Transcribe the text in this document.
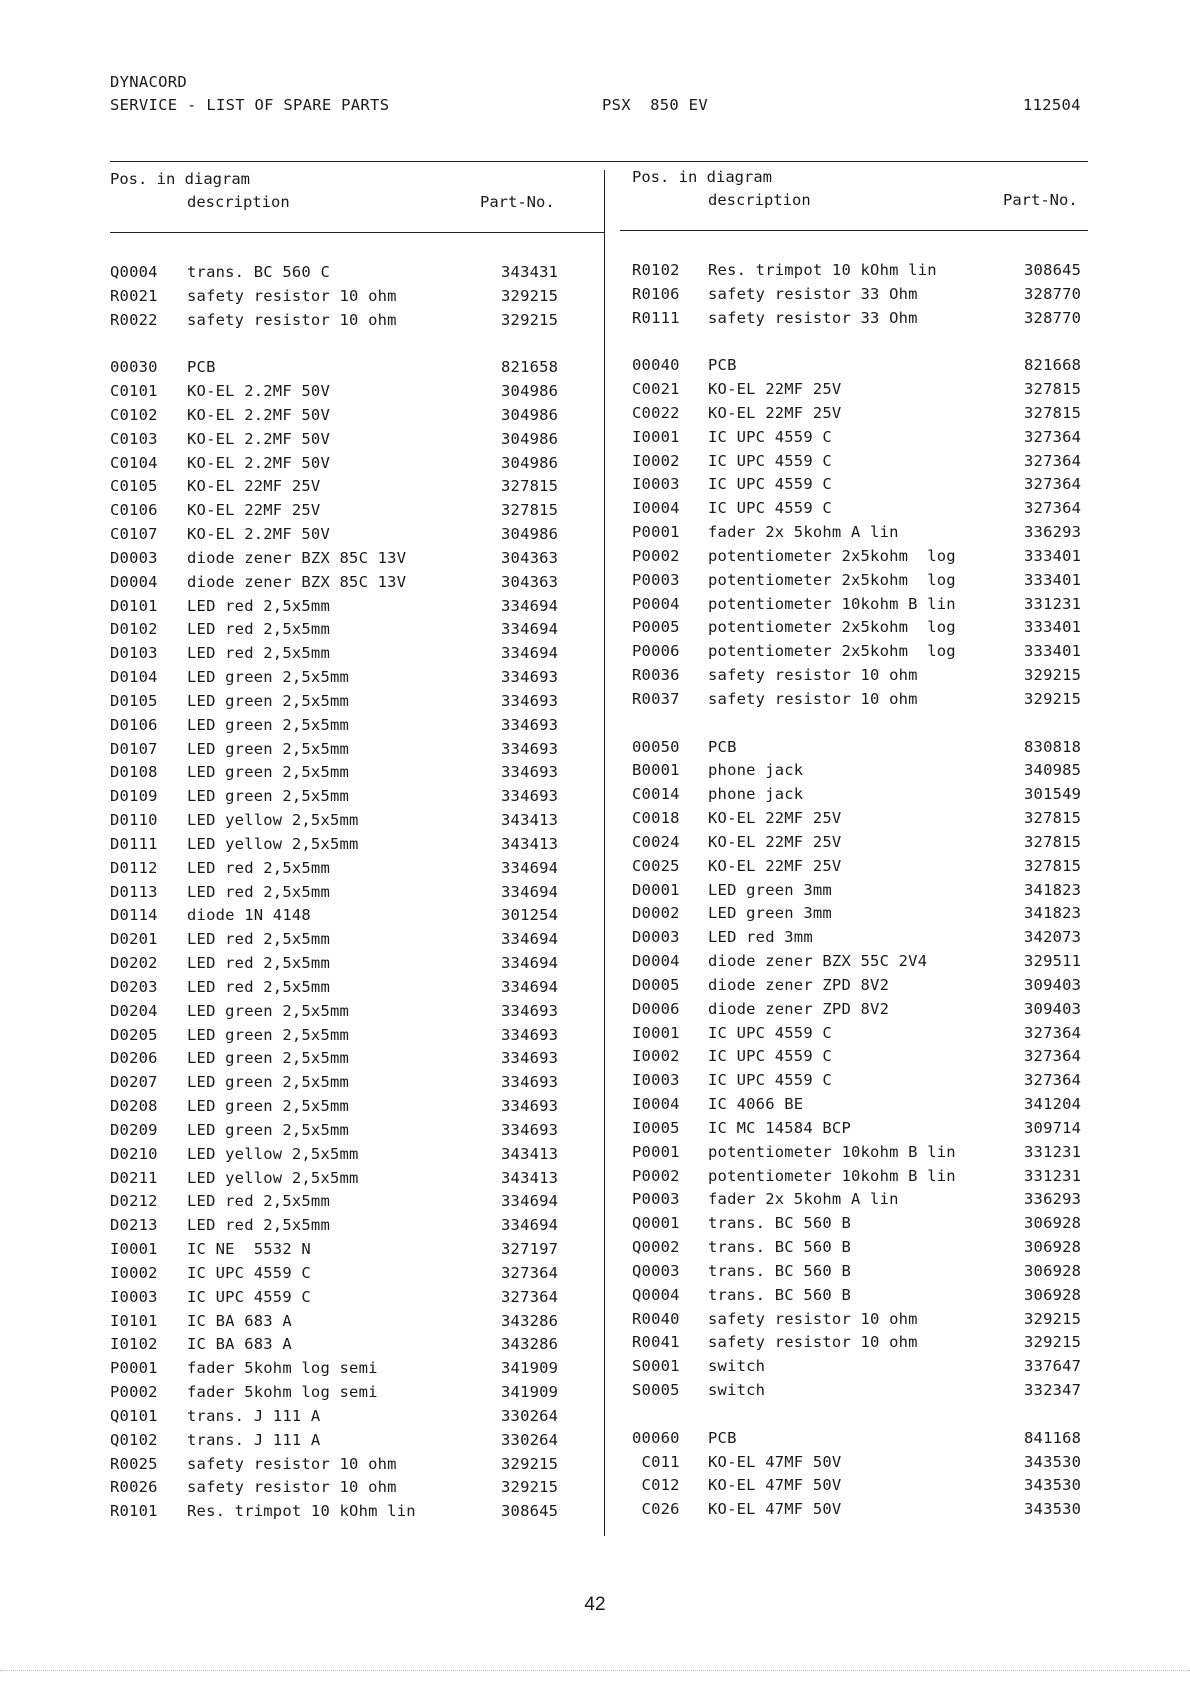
DYNACORD
SERVICE - LIST OF SPARE PARTS	PSX  850 EV	112504
Pos. in diagram
description	Part-No.
Pos. in diagram
description	Part-No.
Q0004 trans. BC 560 C	343431
R0021 safety resistor 10 ohm	329215
R0022 safety resistor 10 ohm	329215
00030 PCB	821658
C0101 KO-EL 2.2MF 50V	304986
C0102 KO-EL 2.2MF 50V	304986
C0103 KO-EL 2.2MF 50V	304986
C0104 KO-EL 2.2MF 50V	304986
C0105 KO-EL 22MF 25V	327815
C0106 KO-EL 22MF 25V	327815
C0107 KO-EL 2.2MF 50V	304986
D0003 diode zener BZX 85C 13V	304363
D0004 diode zener BZX 85C 13V	304363
D0101 LED red 2,5x5mm	334694
D0102 LED red 2,5x5mm	334694
D0103 LED red 2,5x5mm	334694
D0104 LED green 2,5x5mm	334693
D0105 LED green 2,5x5mm	334693
D0106 LED green 2,5x5mm	334693
D0107 LED green 2,5x5mm	334693
D0108 LED green 2,5x5mm	334693
D0109 LED green 2,5x5mm	334693
D0110 LED yellow 2,5x5mm	343413
D0111 LED yellow 2,5x5mm	343413
D0112 LED red 2,5x5mm	334694
D0113 LED red 2,5x5mm	334694
D0114 diode 1N 4148	301254
D0201 LED red 2,5x5mm	334694
D0202 LED red 2,5x5mm	334694
D0203 LED red 2,5x5mm	334694
D0204 LED green 2,5x5mm	334693
D0205 LED green 2,5x5mm	334693
D0206 LED green 2,5x5mm	334693
D0207 LED green 2,5x5mm	334693
D0208 LED green 2,5x5mm	334693
D0209 LED green 2,5x5mm	334693
D0210 LED yellow 2,5x5mm	343413
D0211 LED yellow 2,5x5mm	343413
D0212 LED red 2,5x5mm	334694
D0213 LED red 2,5x5mm	334694
I0001 IC NE  5532 N	327197
I0002 IC UPC 4559 C	327364
I0003 IC UPC 4559 C	327364
I0101 IC BA 683 A	343286
I0102 IC BA 683 A	343286
P0001 fader 5kohm log semi	341909
P0002 fader 5kohm log semi	341909
Q0101 trans. J 111 A	330264
Q0102 trans. J 111 A	330264
R0025 safety resistor 10 ohm	329215
R0026 safety resistor 10 ohm	329215
R0101 Res. trimpot 10 kOhm lin	308645
R0102 Res. trimpot 10 kOhm lin	308645
R0106 safety resistor 33 Ohm	328770
R0111 safety resistor 33 Ohm	328770
00040 PCB	821668
C0021 KO-EL 22MF 25V	327815
C0022 KO-EL 22MF 25V	327815
I0001 IC UPC 4559 C	327364
I0002 IC UPC 4559 C	327364
I0003 IC UPC 4559 C	327364
I0004 IC UPC 4559 C	327364
P0001 fader 2x 5kohm A lin	336293
P0002 potentiometer 2x5kohm  log	333401
P0003 potentiometer 2x5kohm  log	333401
P0004 potentiometer 10kohm B lin	331231
P0005 potentiometer 2x5kohm  log	333401
P0006 potentiometer 2x5kohm  log	333401
R0036 safety resistor 10 ohm	329215
R0037 safety resistor 10 ohm	329215
00050 PCB	830818
B0001 phone jack	340985
C0014 phone jack	301549
C0018 KO-EL 22MF 25V	327815
C0024 KO-EL 22MF 25V	327815
C0025 KO-EL 22MF 25V	327815
D0001 LED green 3mm	341823
D0002 LED green 3mm	341823
D0003 LED red 3mm	342073
D0004 diode zener BZX 55C 2V4	329511
D0005 diode zener ZPD 8V2	309403
D0006 diode zener ZPD 8V2	309403
I0001 IC UPC 4559 C	327364
I0002 IC UPC 4559 C	327364
I0003 IC UPC 4559 C	327364
I0004 IC 4066 BE	341204
I0005 IC MC 14584 BCP	309714
P0001 potentiometer 10kohm B lin	331231
P0002 potentiometer 10kohm B lin	331231
P0003 fader 2x 5kohm A lin	336293
Q0001 trans. BC 560 B	306928
Q0002 trans. BC 560 B	306928
Q0003 trans. BC 560 B	306928
Q0004 trans. BC 560 B	306928
R0040 safety resistor 10 ohm	329215
R0041 safety resistor 10 ohm	329215
S0001 switch	337647
S0005 switch	332347
00060 PCB	841168
C011 KO-EL 47MF 50V	343530
C012 KO-EL 47MF 50V	343530
C026 KO-EL 47MF 50V	343530
42
